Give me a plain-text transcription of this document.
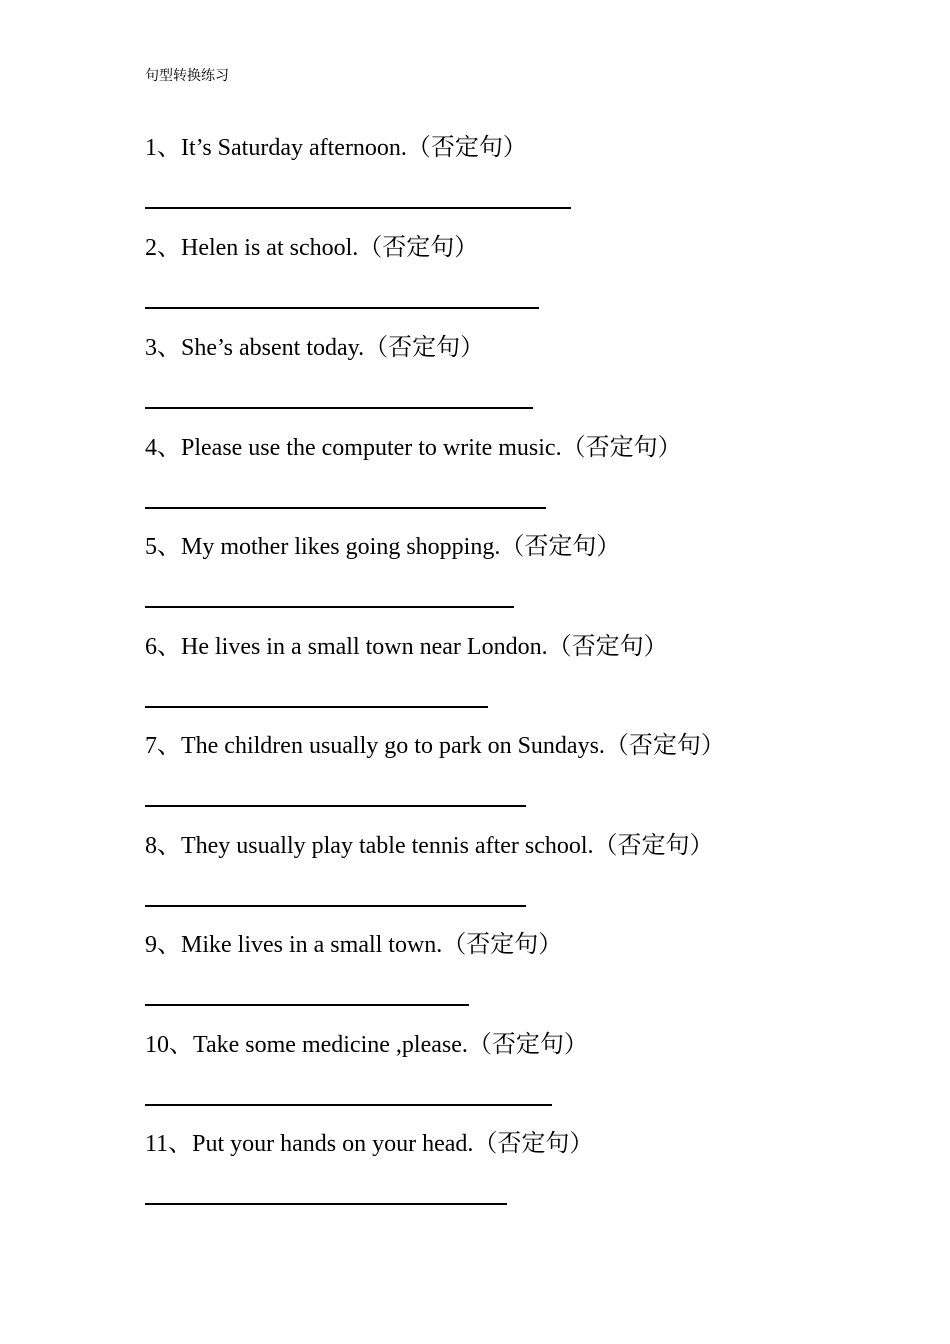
句型转换练习

1、It’s Saturday afternoon.（否定句）

2、Helen is at school.（否定句）

3、She’s absent today.（否定句）

4、Please use the computer to write music.（否定句）

5、My mother likes going shopping.（否定句）

6、He lives in a small town near London.（否定句）

7、The children usually go to park on Sundays.（否定句）

8、They usually play table tennis after school.（否定句）

9、Mike lives in a small town.（否定句）

10、Take some medicine ,please.（否定句）

11、Put your hands on your head.（否定句）
